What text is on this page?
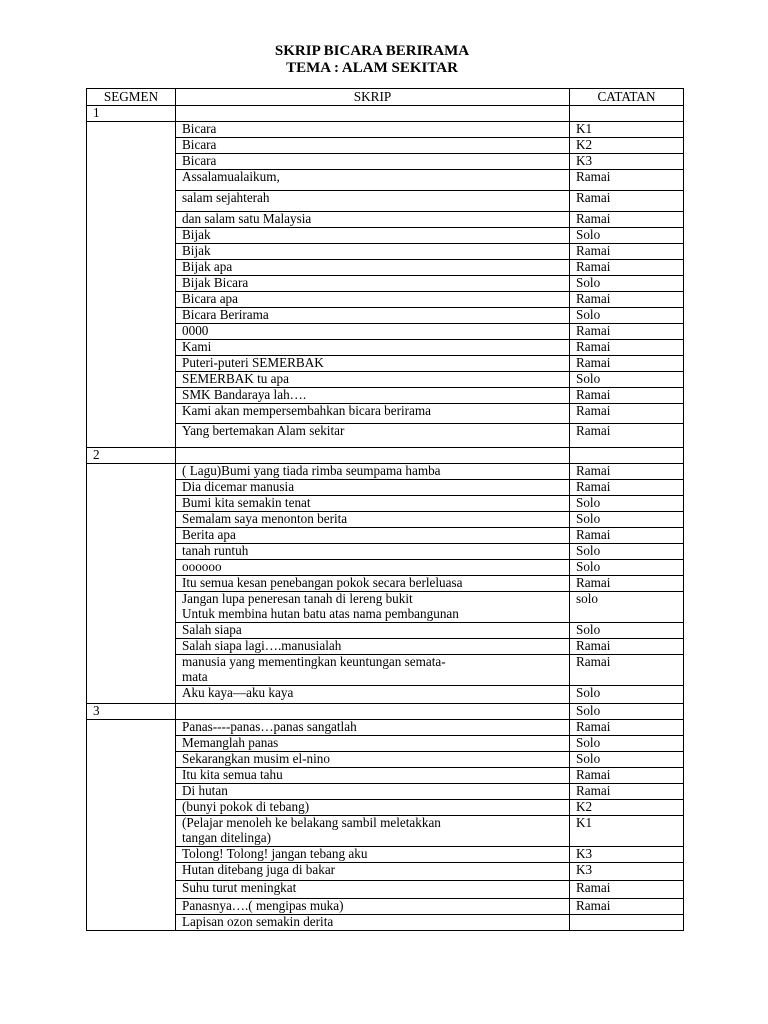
SKRIP BICARA BERIRAMA
TEMA : ALAM SEKITAR
SEGMEN	SKRIP	CATATAN
1		

	Bicara	K1

	Bicara	K2

	Bicara	K3

	Assalamualaikum,	Ramai

	salam sejahterah	Ramai

	dan salam satu Malaysia	Ramai

	Bijak	Solo

	Bijak	Ramai

	Bijak apa	Ramai

	Bijak Bicara	Solo

	Bicara apa	Ramai

	Bicara Berirama	Solo

	0000	Ramai

	Kami	Ramai

	Puteri-puteri SEMERBAK	Ramai

	SEMERBAK tu apa	Solo

	SMK Bandaraya lah….	Ramai

	Kami akan mempersembahkan bicara berirama	Ramai

	Yang bertemakan Alam sekitar	Ramai
2		

	( Lagu)Bumi yang tiada rimba seumpama hamba	Ramai

	Dia dicemar manusia	Ramai

	Bumi kita semakin tenat	Solo

	Semalam saya menonton berita	Solo

	Berita apa	Ramai

	tanah runtuh	Solo

	oooooo	Solo

	Itu semua kesan penebangan pokok secara berleluasa	Ramai

	Jangan lupa peneresan tanah di lereng bukit
Untuk membina hutan batu atas nama pembangunan	solo

	Salah siapa	Solo

	Salah siapa lagi….manusialah	Ramai

	manusia yang mementingkan keuntungan semata-
mata	Ramai

	Aku kaya—aku kaya	Solo
3		Solo

	Panas----panas…panas sangatlah	Ramai

	Memanglah panas	Solo

	Sekarangkan musim el-nino	Solo

	Itu kita semua tahu	Ramai

	Di hutan	Ramai

	(bunyi pokok di tebang)	K2

	(Pelajar menoleh ke belakang sambil meletakkan
tangan ditelinga)	K1

	Tolong! Tolong! jangan tebang aku	K3

	Hutan ditebang juga di bakar	K3

	Suhu turut meningkat	Ramai

	Panasnya….( mengipas muka)	Ramai

	Lapisan ozon semakin derita	
